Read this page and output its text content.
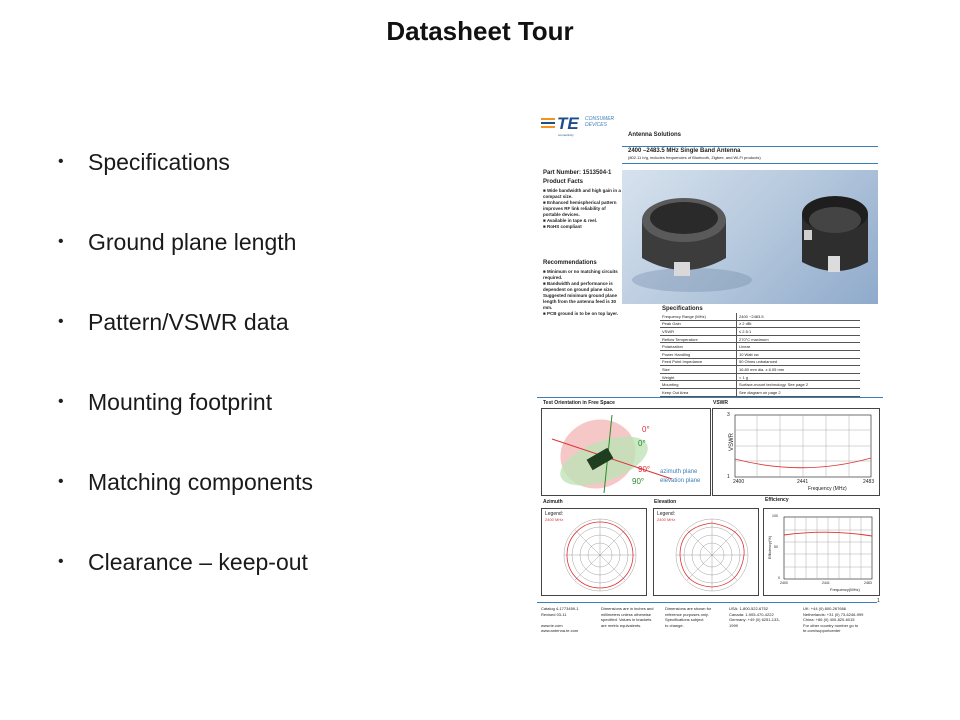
Datasheet Tour
•	Specifications
•	Ground plane length
•	Pattern/VSWR data
•	Mounting footprint
•	Matching components
•	Clearance – keep-out
TE CONSUMER
DEVICES
connectivity	Antenna Solutions
2400 –2483.5 MHz Single Band Antenna
(802.11 b/g, includes frequencies of Bluetooth, Zigbee, and Wi-Fi products)
Part Number: 1513504-1
Product Facts
■ Wide bandwidth and high gain in a compact size.
■ Enhanced hemispherical pattern improves RF link reliability of portable devices.
■ Available in tape & reel.
■ RoHS compliant
Recommendations
■ Minimum or no matching circuits required.
■ Bandwidth and performance is dependent on ground plane size. Suggested minimum ground plane length from the antenna feed is 30 mm.
■ PCB ground is to be on top layer.
Specifications
Frequency Range (MHz)	2400 ~2483.5
Peak Gain	≥ 2 dBi
VSWR	≤ 2.5:1
Reflow Temperature	270°C maximum
Polarization	Linear
Power Handling	10 Watt cw
Feed Point Impedance	50 Ohms unbalanced
Size	16.80 mm dia. x 6.05 mm
Weight	< 1 g
Mounting	Surface-mount technology. See page 2
Keep Out Area	See diagram on page 2
Test Orientation in Free Space
0°
0°
90°
90°
azimuth plane
elevation plane
VSWR
VSWR
3
1
2400	2441	2483
Frequency (MHz)
Azimuth
Legend:
2400 MHz
Elevation
Legend:
2400 MHz
Efficiency
Efficiency(%)
100
50
0
2400	2441	2483
Frequency(MHz)
1
Catalog 4-1773459-1
Revised 03-11

www.te.com
www.antenna.te.com
Dimensions are in inches and
millimeters unless otherwise
specified. Values in brackets
are metric equivalents.
Dimensions are shown for
reference purposes only.
Specifications subject
to change.
USA: 1-800-522-6752
Canada: 1-905-470-4222
Germany: +49 (0) 6251-133-1999
UK: +44 (0) 800-267666
Netherlands: +31 (0) 73-6246-999
China: +86 (0) 400-820-6015
For other country number go to te.com/supportcenter
